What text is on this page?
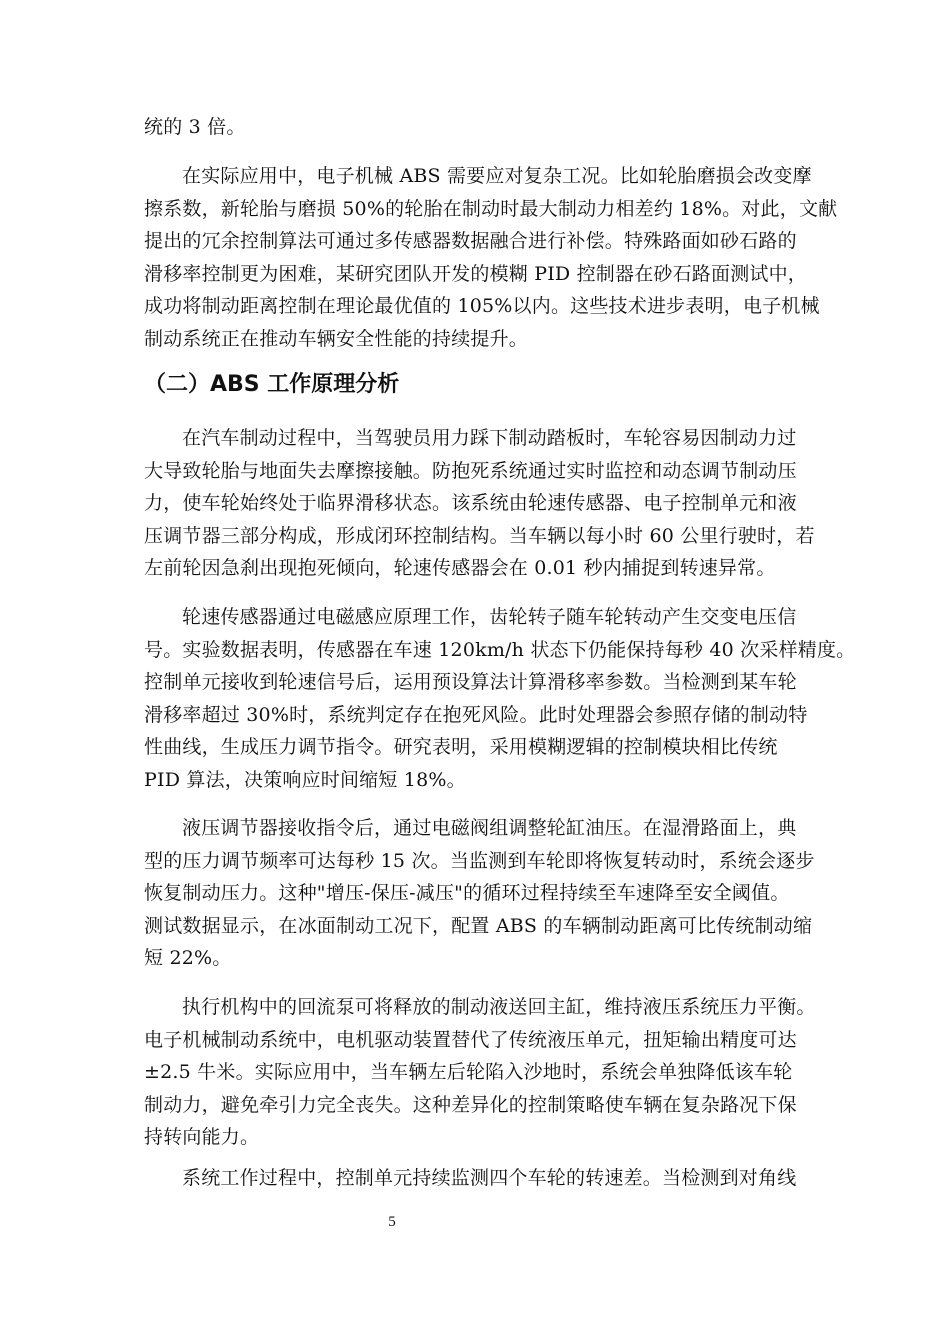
统的 3 倍。
在实际应用中，电子机械 ABS 需要应对复杂工况。比如轮胎磨损会改变摩
擦系数，新轮胎与磨损 50%的轮胎在制动时最大制动力相差约 18%。对此，文献
提出的冗余控制算法可通过多传感器数据融合进行补偿。特殊路面如砂石路的
滑移率控制更为困难，某研究团队开发的模糊 PID 控制器在砂石路面测试中，
成功将制动距离控制在理论最优值的 105%以内。这些技术进步表明，电子机械
制动系统正在推动车辆安全性能的持续提升。
（二）ABS 工作原理分析
在汽车制动过程中，当驾驶员用力踩下制动踏板时，车轮容易因制动力过
大导致轮胎与地面失去摩擦接触。防抱死系统通过实时监控和动态调节制动压
力，使车轮始终处于临界滑移状态。该系统由轮速传感器、电子控制单元和液
压调节器三部分构成，形成闭环控制结构。当车辆以每小时 60 公里行驶时，若
左前轮因急刹出现抱死倾向，轮速传感器会在 0.01 秒内捕捉到转速异常。
轮速传感器通过电磁感应原理工作，齿轮转子随车轮转动产生交变电压信
号。实验数据表明，传感器在车速 120km/h 状态下仍能保持每秒 40 次采样精度。
控制单元接收到轮速信号后，运用预设算法计算滑移率参数。当检测到某车轮
滑移率超过 30%时，系统判定存在抱死风险。此时处理器会参照存储的制动特
性曲线，生成压力调节指令。研究表明，采用模糊逻辑的控制模块相比传统
PID 算法，决策响应时间缩短 18%。
液压调节器接收指令后，通过电磁阀组调整轮缸油压。在湿滑路面上，典
型的压力调节频率可达每秒 15 次。当监测到车轮即将恢复转动时，系统会逐步
恢复制动压力。这种"增压-保压-减压"的循环过程持续至车速降至安全阈值。
测试数据显示，在冰面制动工况下，配置 ABS 的车辆制动距离可比传统制动缩
短 22%。
执行机构中的回流泵可将释放的制动液送回主缸，维持液压系统压力平衡。
电子机械制动系统中，电机驱动装置替代了传统液压单元，扭矩输出精度可达
±2.5 牛米。实际应用中，当车辆左后轮陷入沙地时，系统会单独降低该车轮
制动力，避免牵引力完全丧失。这种差异化的控制策略使车辆在复杂路况下保
持转向能力。
系统工作过程中，控制单元持续监测四个车轮的转速差。当检测到对角线
5
